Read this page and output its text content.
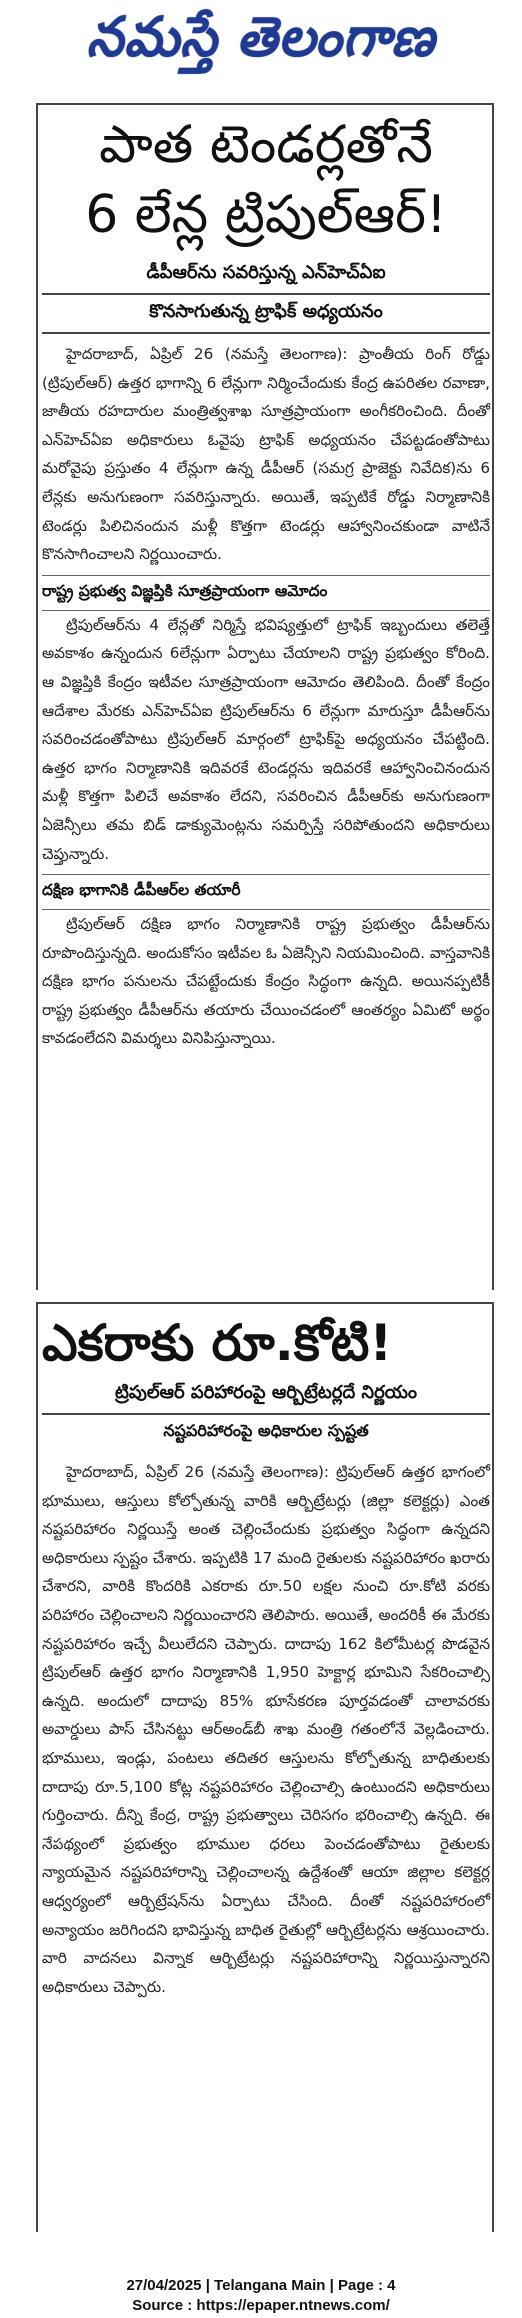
నమస్తే తెలంగాణ
పాత టెండర్లతోనే
6 లేన్ల ట్రిపుల్‌ఆర్‌!
డీపీఆర్‌ను సవరిస్తున్న ఎన్‌హెచ్‌ఏఐ
కొనసాగుతున్న ట్రాఫిక్‌ అధ్యయనం

హైదరాబాద్‌, ఏప్రిల్‌ 26 (నమస్తే తెలంగాణ): ప్రాంతీయ రింగ్‌ రోడ్డు (ట్రిపుల్‌ఆర్‌) ఉత్తర భాగాన్ని 6 లేన్లుగా నిర్మించేందుకు కేంద్ర ఉపరితల రవాణా, జాతీయ రహదారుల మంత్రిత్వశాఖ సూత్రప్రాయంగా అంగీకరించింది. దీంతో ఎన్‌హెచ్‌ఏఐ అధికారులు ఓవైపు ట్రాఫిక్‌ అధ్యయనం చేపట్టడంతోపాటు మరోవైపు ప్రస్తుతం 4 లేన్లుగా ఉన్న డీపీఆర్‌ (సమగ్ర ప్రాజెక్టు నివేదిక)ను 6 లేన్లకు అనుగుణంగా సవరిస్తున్నారు. అయితే, ఇప్పటికే రోడ్డు నిర్మాణానికి టెండర్లు పిలిచినందున మళ్లీ కొత్తగా టెండర్లు ఆహ్వానించకుండా వాటినే కొనసాగించాలని నిర్ణయించారు.

రాష్ట్ర ప్రభుత్వ విజ్ఞప్తికి సూత్రప్రాయంగా ఆమోదం

ట్రిపుల్‌ఆర్‌ను 4 లేన్లతో నిర్మిస్తే భవిష్యత్తులో ట్రాఫిక్‌ ఇబ్బందులు తలెత్తే అవకాశం ఉన్నందున 6లేన్లుగా ఏర్పాటు చేయాలని రాష్ట్ర ప్రభుత్వం కోరింది. ఆ విజ్ఞప్తికి కేంద్రం ఇటీవల సూత్రప్రాయంగా ఆమోదం తెలిపింది. దీంతో కేంద్రం ఆదేశాల మేరకు ఎన్‌హెచ్‌ఏఐ ట్రిపుల్‌ఆర్‌ను 6 లేన్లుగా మారుస్తూ డీపీఆర్‌ను సవరించడంతోపాటు ట్రిపుల్‌ఆర్‌ మార్గంలో ట్రాఫిక్‌పై అధ్యయనం చేపట్టింది. ఉత్తర భాగం నిర్మాణానికి ఇదివరకే టెండర్లను ఇదివరకే ఆహ్వానించినందున మళ్లీ కొత్తగా పిలిచే అవకాశం లేదని, సవరించిన డీపీఆర్‌కు అనుగుణంగా ఏజెన్సీలు తమ బిడ్‌ డాక్యుమెంట్లను సమర్పిస్తే సరిపోతుందని అధికారులు చెప్తున్నారు.

దక్షిణ భాగానికి డీపీఆర్‌ల తయారీ

ట్రిపుల్‌ఆర్‌ దక్షిణ భాగం నిర్మాణానికి రాష్ట్ర ప్రభుత్వం డీపీఆర్‌ను రూపొందిస్తున్నది. అందుకోసం ఇటీవల ఓ ఏజెన్సీని నియమించింది. వాస్తవానికి దక్షిణ భాగం పనులను చేపట్టేందుకు కేంద్రం సిద్ధంగా ఉన్నది. అయినప్పటికీ రాష్ట్ర ప్రభుత్వం డీపీఆర్‌ను తయారు చేయించడంలో ఆంతర్యం ఏమిటో అర్థం కావడంలేదని విమర్శలు వినిపిస్తున్నాయి.

ఎకరాకు రూ.కోటి!
ట్రిపుల్‌ఆర్‌ పరిహారంపై ఆర్బిట్రేటర్లదే నిర్ణయం
నష్టపరిహారంపై అధికారుల స్పష్టత

హైదరాబాద్‌, ఏప్రిల్‌ 26 (నమస్తే తెలంగాణ): ట్రిపుల్‌ఆర్‌ ఉత్తర భాగంలో భూములు, ఆస్తులు కోల్పోతున్న వారికి ఆర్బిట్రేటర్లు (జిల్లా కలెక్టర్లు) ఎంత నష్టపరిహారం నిర్ణయిస్తే అంత చెల్లించేందుకు ప్రభుత్వం సిద్ధంగా ఉన్నదని అధికారులు స్పష్టం చేశారు. ఇప్పటికి 17 మంది రైతులకు నష్టపరిహారం ఖరారు చేశారని, వారికి కొందరికి ఎకరాకు రూ.50 లక్షల నుంచి రూ.కోటి వరకు పరిహారం చెల్లించాలని నిర్ణయించారని తెలిపారు. అయితే, అందరికీ ఈ మేరకు నష్టపరిహారం ఇచ్చే వీలులేదని చెప్పారు. దాదాపు 162 కిలోమీటర్ల పొడవైన ట్రిపుల్‌ఆర్‌ ఉత్తర భాగం నిర్మాణానికి 1,950 హెక్టార్ల భూమిని సేకరించాల్సి ఉన్నది. అందులో దాదాపు 85% భూసేకరణ పూర్తవడంతో చాలావరకు అవార్డులు పాస్‌ చేసినట్టు ఆర్‌అండ్‌బీ శాఖ మంత్రి గతంలోనే వెల్లడించారు. భూములు, ఇండ్లు, పంటలు తదితర ఆస్తులను కోల్పోతున్న బాధితులకు దాదాపు రూ.5,100 కోట్ల నష్టపరిహారం చెల్లించాల్సి ఉంటుందని అధికారులు గుర్తించారు. దీన్ని కేంద్ర, రాష్ట్ర ప్రభుత్వాలు చెరిసగం భరించాల్సి ఉన్నది. ఈ నేపథ్యంలో ప్రభుత్వం భూముల ధరలు పెంచడంతోపాటు రైతులకు న్యాయమైన నష్టపరిహారాన్ని చెల్లించాలన్న ఉద్దేశంతో ఆయా జిల్లాల కలెక్టర్ల ఆధ్వర్యంలో ఆర్బిట్రేషన్‌ను ఏర్పాటు చేసింది. దీంతో నష్టపరిహారంలో అన్యాయం జరిగిందని భావిస్తున్న బాధిత రైతుల్లో ఆర్బిట్రేటర్లను ఆశ్రయించారు. వారి వాదనలు విన్నాక ఆర్బిట్రేటర్లు నష్టపరిహారాన్ని నిర్ణయిస్తున్నారని అధికారులు చెప్పారు.

27/04/2025 | Telangana Main | Page : 4
Source : https://epaper.ntnews.com/
